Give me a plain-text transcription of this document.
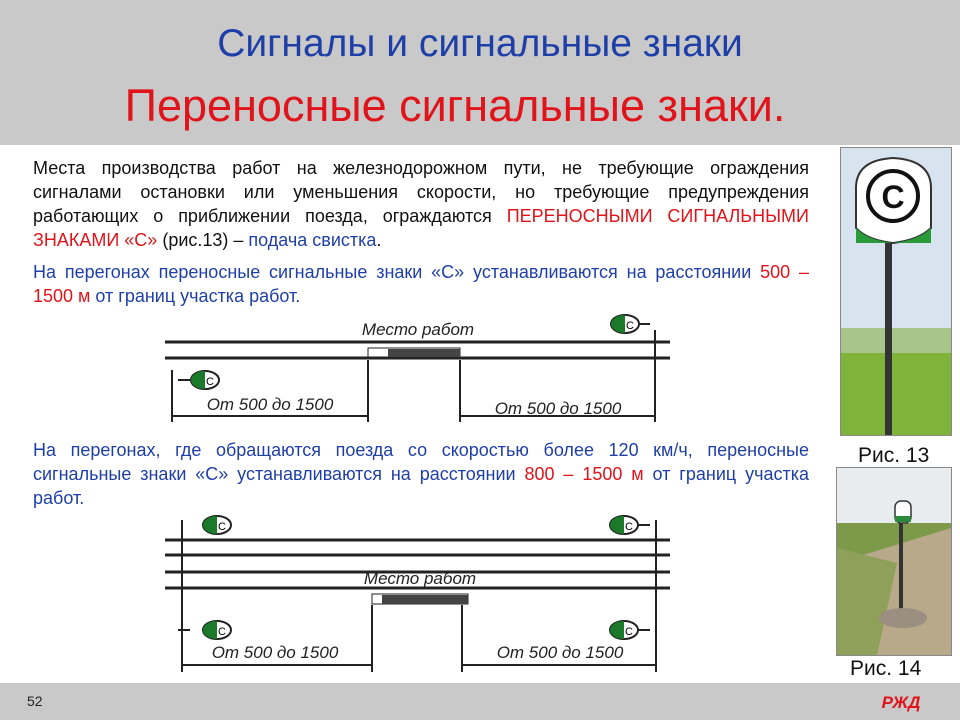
Сигналы и сигнальные знаки
Переносные сигнальные знаки.
Места производства работ на железнодорожном пути, не требующие ограждения сигналами остановки или уменьшения скорости, но требующие предупреждения работающих о приближении поезда, ограждаются ПЕРЕНОСНЫМИ СИГНАЛЬНЫМИ ЗНАКАМИ «С» (рис.13) – подача свистка.
На перегонах переносные сигнальные знаки «С» устанавливаются на расстоянии 500 – 1500 м от границ участка работ.
Место работ	С
С
От 500 до 1500	От 500 до 1500
На перегонах, где обращаются поезда со скоростью более 120 км/ч, переносные сигнальные знаки «С» устанавливаются на расстоянии 800 – 1500 м от границ участка работ.
Место работ
С	С
С	С
От 500 до 1500	От 500 до 1500
С
Рис. 13
Рис. 14
52	РЖД
